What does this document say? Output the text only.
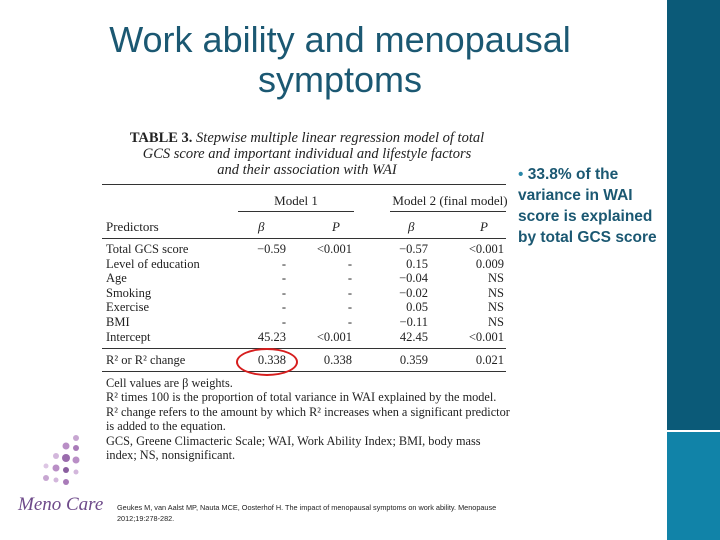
Work ability and menopausal
symptoms
TABLE 3. Stepwise multiple linear regression model of total
GCS score and important individual and lifestyle factors
and their association with WAI
Model 1	Model 2 (final model)
Predictors	β	P	β	P
Total GCS score	−0.59	<0.001	−0.57	<0.001
Level of education	-	-	0.15	0.009
Age	-	-	−0.04	NS
Smoking	-	-	−0.02	NS
Exercise	-	-	0.05	NS
BMI	-	-	−0.11	NS
Intercept	45.23	<0.001	42.45	<0.001
R² or R² change	0.338	0.338	0.359	0.021
Cell values are β weights.
R² times 100 is the proportion of total variance in WAI explained by the model. R² change refers to the amount by which R² increases when a significant predictor is added to the equation.
GCS, Greene Climacteric Scale; WAI, Work Ability Index; BMI, body mass index; NS, nonsignificant.
• 33.8% of the variance in WAI score is explained by total GCS score
Meno Care Geukes M, van Aalst MP, Nauta MCE, Oosterhof H. The impact of menopausal symptoms on work ability. Menopause
2012;19:278-282.
